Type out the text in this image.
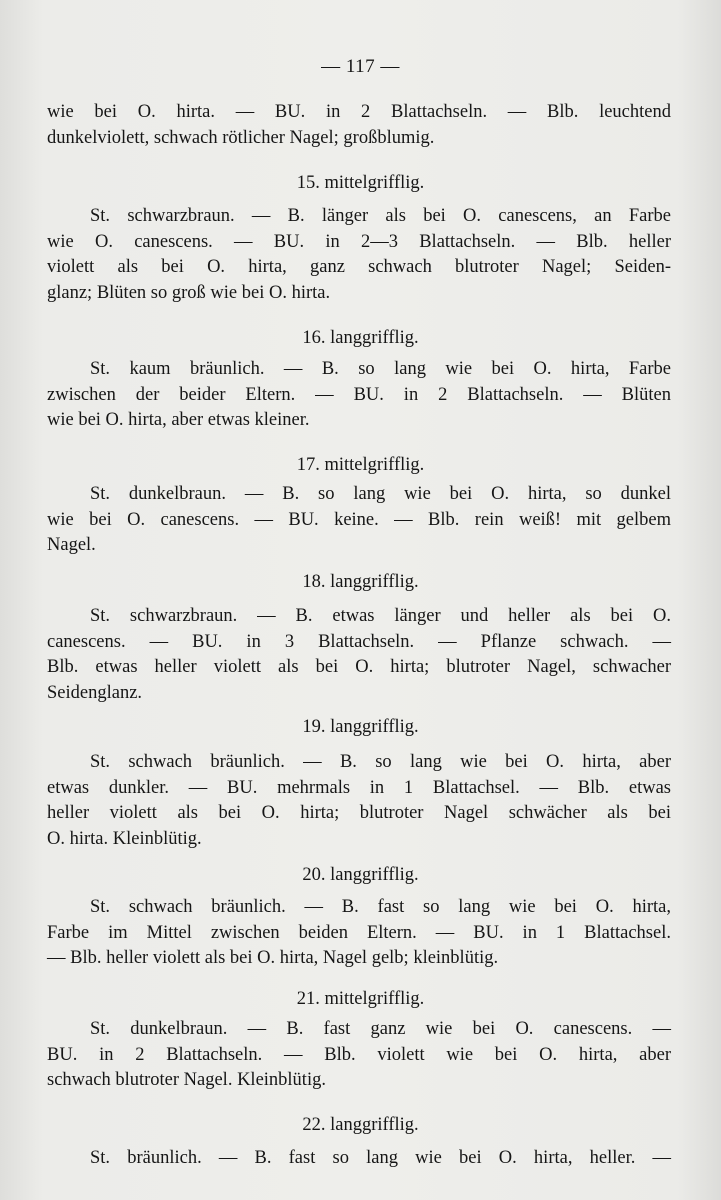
— 117 —
wie bei O. hirta. — BU. in 2 Blattachseln. — Blb. leuchtend
dunkelviolett, schwach rötlicher Nagel; großblumig.
15. mittelgrifflig.
St. schwarzbraun. — B. länger als bei O. canescens, an Farbe
wie O. canescens. — BU. in 2—3 Blattachseln. — Blb. heller
violett als bei O. hirta, ganz schwach blutroter Nagel; Seiden-
glanz; Blüten so groß wie bei O. hirta.
16. langgrifflig.
St. kaum bräunlich. — B. so lang wie bei O. hirta, Farbe
zwischen der beider Eltern. — BU. in 2 Blattachseln. — Blüten
wie bei O. hirta, aber etwas kleiner.
17. mittelgrifflig.
St. dunkelbraun. — B. so lang wie bei O. hirta, so dunkel
wie bei O. canescens. — BU. keine. — Blb. rein weiß! mit gelbem
Nagel.
18. langgrifflig.
St. schwarzbraun. — B. etwas länger und heller als bei O.
canescens. — BU. in 3 Blattachseln. — Pflanze schwach. —
Blb. etwas heller violett als bei O. hirta; blutroter Nagel, schwacher
Seidenglanz.
19. langgrifflig.
St. schwach bräunlich. — B. so lang wie bei O. hirta, aber
etwas dunkler. — BU. mehrmals in 1 Blattachsel. — Blb. etwas
heller violett als bei O. hirta; blutroter Nagel schwächer als bei
O. hirta. Kleinblütig.
20. langgrifflig.
St. schwach bräunlich. — B. fast so lang wie bei O. hirta,
Farbe im Mittel zwischen beiden Eltern. — BU. in 1 Blattachsel.
— Blb. heller violett als bei O. hirta, Nagel gelb; kleinblütig.
21. mittelgrifflig.
St. dunkelbraun. — B. fast ganz wie bei O. canescens. —
BU. in 2 Blattachseln. — Blb. violett wie bei O. hirta, aber
schwach blutroter Nagel. Kleinblütig.
22. langgrifflig.
St. bräunlich. — B. fast so lang wie bei O. hirta, heller. —
